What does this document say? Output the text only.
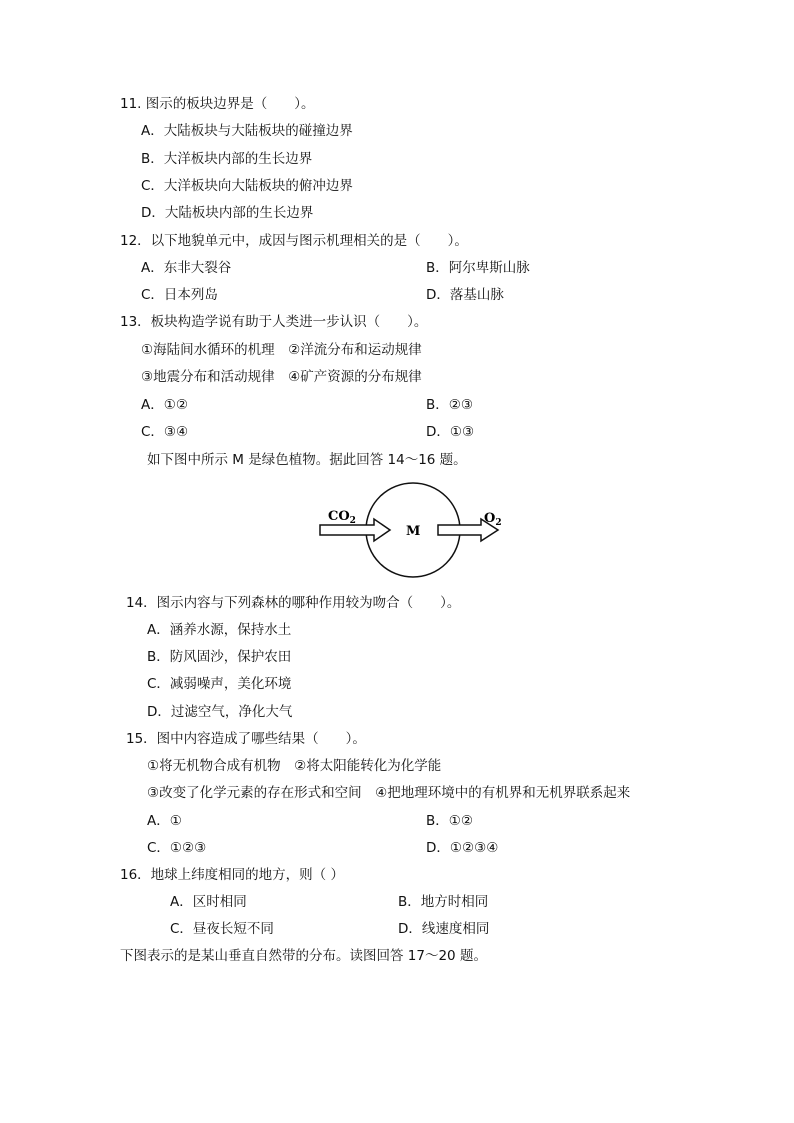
11. 图示的板块边界是（　　）。
A．大陆板块与大陆板块的碰撞边界
B．大洋板块内部的生长边界
C．大洋板块向大陆板块的俯冲边界
D．大陆板块内部的生长边界
12．以下地貌单元中，成因与图示机理相关的是（　　）。
A．东非大裂谷	B．阿尔卑斯山脉
C．日本列岛	D．落基山脉
13．板块构造学说有助于人类进一步认识（　　）。
①海陆间水循环的机理　②洋流分布和运动规律
③地震分布和活动规律　④矿产资源的分布规律
A．①②	B．②③
C．③④	D．①③
如下图中所示 M 是绿色植物。据此回答 14～16 题。
$CO_2$
M
$O_2$
14．图示内容与下列森林的哪种作用较为吻合（　　）。
A．涵养水源，保持水土
B．防风固沙，保护农田
C．减弱噪声，美化环境
D．过滤空气，净化大气
15．图中内容造成了哪些结果（　　）。
①将无机物合成有机物　②将太阳能转化为化学能
③改变了化学元素的存在形式和空间　④把地理环境中的有机界和无机界联系起来
A．①	B．①②
C．①②③	D．①②③④
16．地球上纬度相同的地方，则（ ）
A．区时相同	B．地方时相同
C．昼夜长短不同	D．线速度相同
下图表示的是某山垂直自然带的分布。读图回答 17～20 题。
